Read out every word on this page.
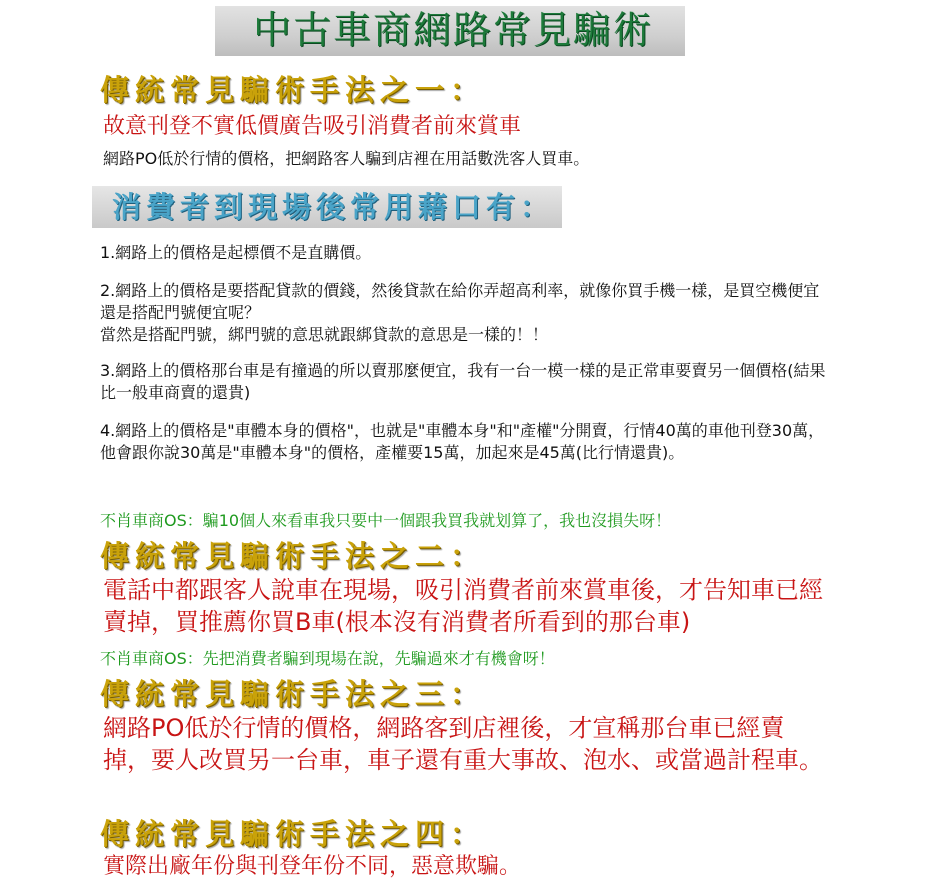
中古車商網路常見騙術
傳統常見騙術手法之一：
故意刊登不實低價廣告吸引消費者前來賞車
網路PO低於行情的價格，把網路客人騙到店裡在用話數洗客人買車。
消費者到現場後常用藉口有：
1.網路上的價格是起標價不是直購價。
2.網路上的價格是要搭配貸款的價錢，然後貸款在給你弄超高利率，就像你買手機一樣，是買空機便宜還是搭配門號便宜呢？
當然是搭配門號，綁門號的意思就跟綁貸款的意思是一樣的！！
3.網路上的價格那台車是有撞過的所以賣那麼便宜，我有一台一模一樣的是正常車要賣另一個價格(結果比一般車商賣的還貴)
4.網路上的價格是"車體本身的價格"，也就是"車體本身"和"產權"分開賣，行情40萬的車他刊登30萬，他會跟你說30萬是"車體本身"的價格，產權要15萬，加起來是45萬(比行情還貴)。
不肖車商OS：騙10個人來看車我只要中一個跟我買我就划算了，我也沒損失呀！
傳統常見騙術手法之二：
電話中都跟客人說車在現場，吸引消費者前來賞車後，才告知車已經賣掉，買推薦你買B車(根本沒有消費者所看到的那台車)
不肖車商OS：先把消費者騙到現場在說，先騙過來才有機會呀！
傳統常見騙術手法之三：
網路PO低於行情的價格，網路客到店裡後，才宣稱那台車已經賣掉，要人改買另一台車，車子還有重大事故、泡水、或當過計程車。
傳統常見騙術手法之四：
實際出廠年份與刊登年份不同，惡意欺騙。
